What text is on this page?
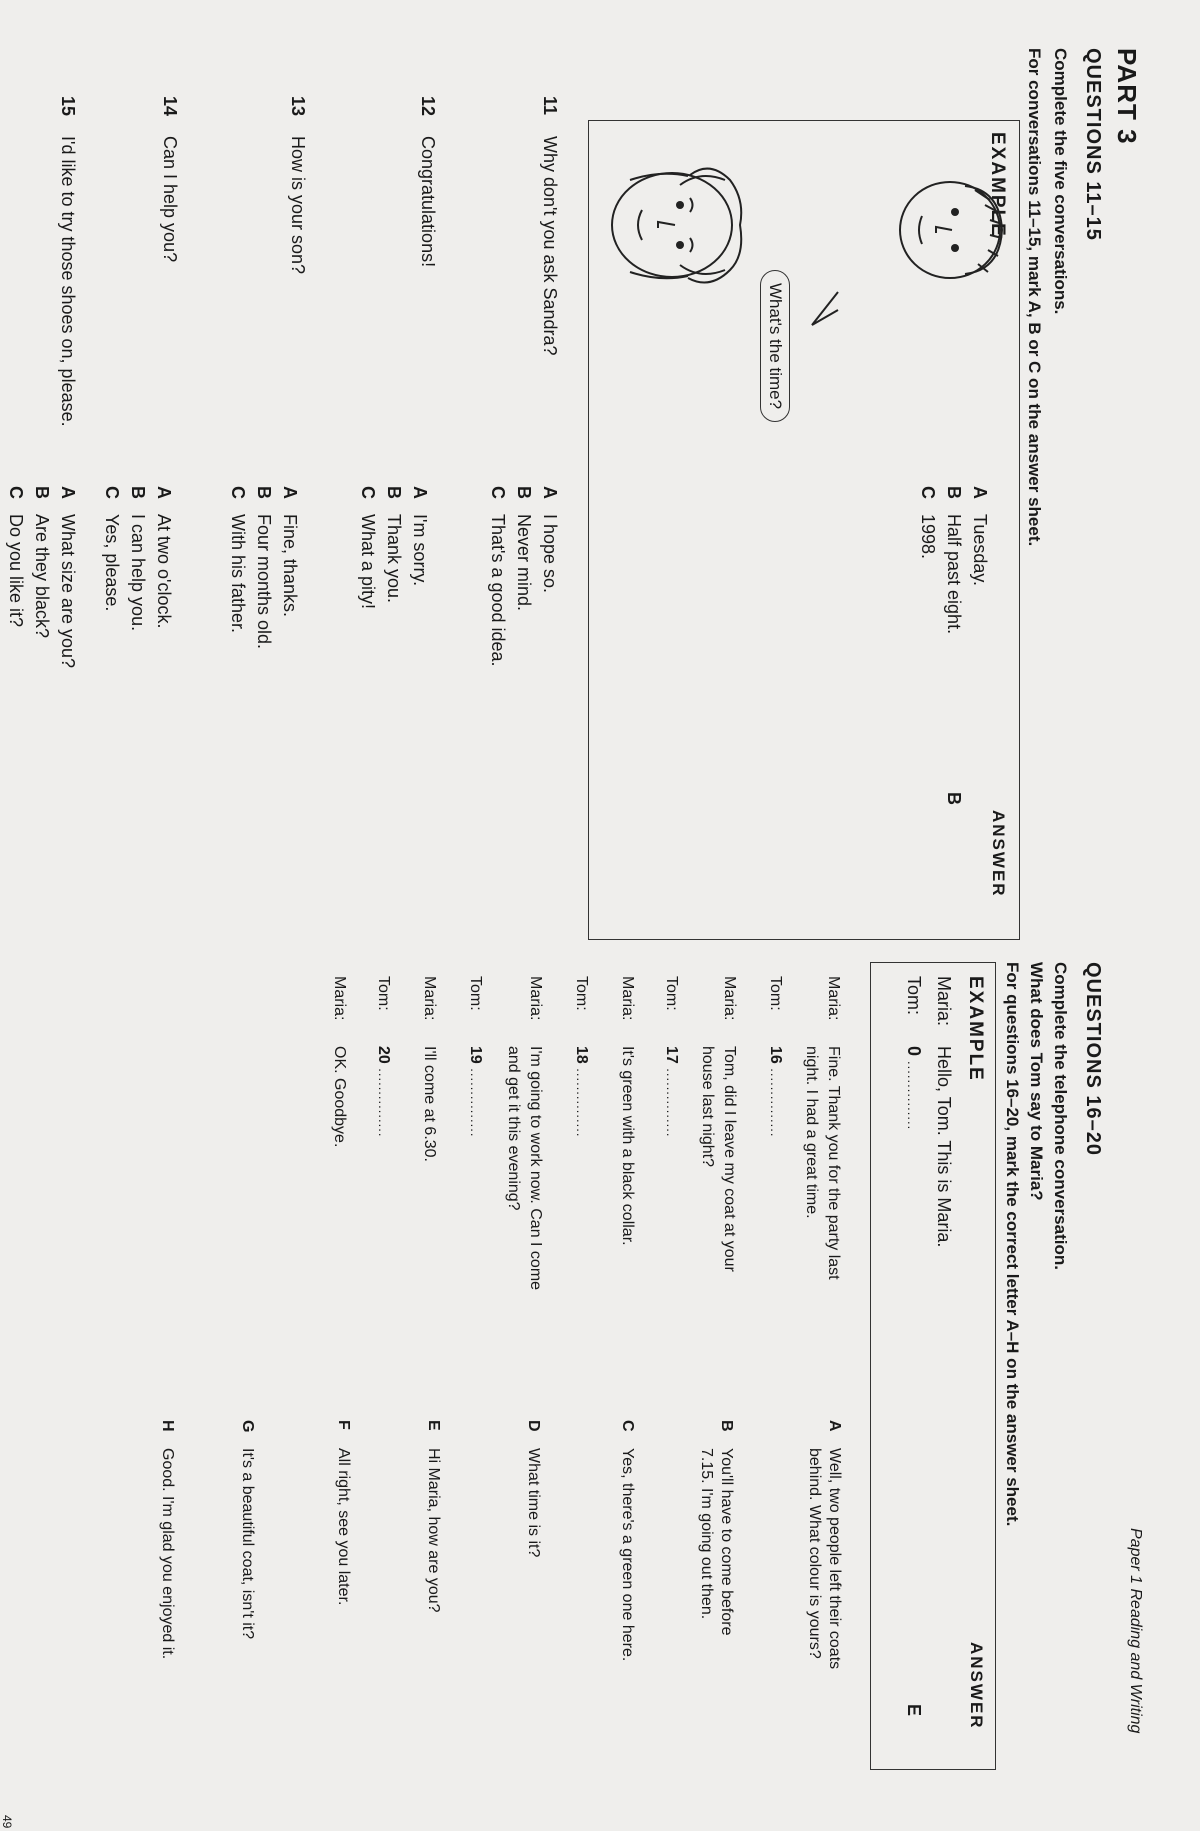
Paper 1 Reading and Writing
PART 3
QUESTIONS 11–15
Complete the five conversations.
For conversations 11–15, mark A, B or C on the answer sheet.
EXAMPLE
ANSWER
What's the time?
ATuesday.
BHalf past eight.
C1998.
B
11Why don't you ask Sandra?
AI hope so.
BNever mind.
CThat's a good idea.
12Congratulations!
AI'm sorry.
BThank you.
CWhat a pity!
13How is your son?
AFine, thanks.
BFour months old.
CWith his father.
14Can I help you?
AAt two o'clock.
BI can help you.
CYes, please.
15I'd like to try those shoes on, please.
AWhat size are you?
BAre they black?
CDo you like it?
QUESTIONS 16–20
Complete the telephone conversation.
What does Tom say to Maria?
For questions 16–20, mark the correct letter A–H on the answer sheet.
EXAMPLE
ANSWER
Maria:Hello, Tom. This is Maria.
Tom:0 ...............
E
Maria:Fine. Thank you for the party last
night. I had a great time.
Tom:16 ...............
Maria:Tom, did I leave my coat at your
house last night?
Tom:17 ...............
Maria:It's green with a black collar.
Tom:18 ...............
Maria:I'm going to work now. Can I come
and get it this evening?
Tom:19 ...............
Maria:I'll come at 6.30.
Tom:20 ...............
Maria:OK. Goodbye.
AWell, two people left their coats
behind. What colour is yours?
BYou'll have to come before
7.15. I'm going out then.
CYes, there's a green one here.
DWhat time is it?
EHi Maria, how are you?
FAll right, see you later.
GIt's a beautiful coat, isn't it?
HGood. I'm glad you enjoyed it.
49
